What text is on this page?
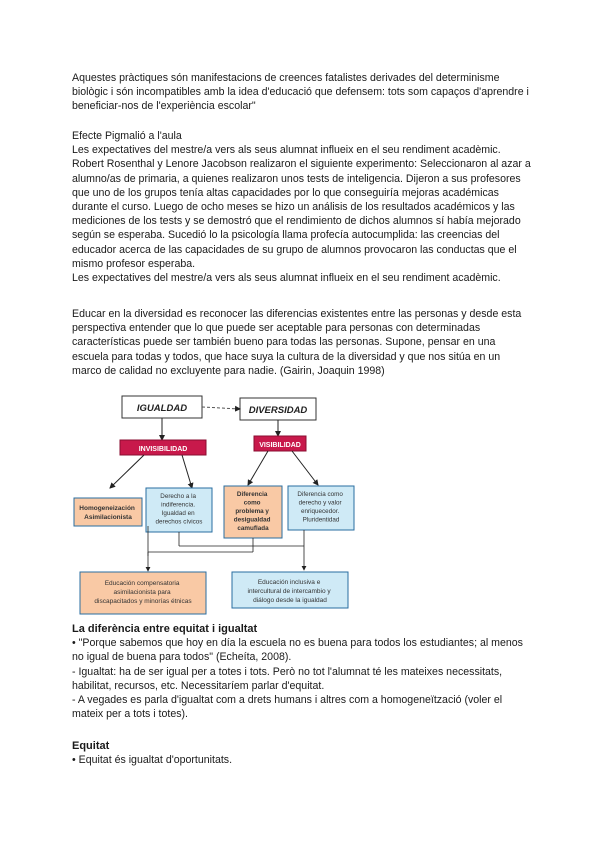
Aquestes pràctiques són manifestacions de creences fatalistes derivades del determinisme biològic i són incompatibles amb la idea d'educació que defensem: tots som capaços d'aprendre i beneficiar-nos de l'experiència escolar"

Efecte Pigmalió a l'aula

Les expectatives del mestre/a vers als seus alumnat influeix en el seu rendiment acadèmic.

Robert Rosenthal y Lenore Jacobson realizaron el siguiente experimento: Seleccionaron al azar a alumno/as de primaria, a quienes realizaron unos tests de inteligencia. Dijeron a sus profesores que uno de los grupos tenía altas capacidades por lo que conseguiría mejoras académicas durante el curso. Luego de ocho meses se hizo un análisis de los resultados académicos y las mediciones de los tests y se demostró que el rendimiento de dichos alumnos sí había mejorado según se esperaba. Sucedió lo la psicología llama profecía autocumplida: las creencias del educador acerca de las capacidades de su grupo de alumnos provocaron las conductas que el mismo profesor esperaba.

Les expectatives del mestre/a vers als seus alumnat influeix en el seu rendiment acadèmic.

Educar en la diversidad es reconocer las diferencias existentes entre las personas y desde esta perspectiva entender que lo que puede ser aceptable para personas con determinadas características puede ser también bueno para todas las personas. Supone, pensar en una escuela para todas y todos, que hace suya la cultura de la diversidad y que nos sitúa en un marco de calidad no excluyente para nadie. (Gairin, Joaquin 1998)

IGUALDAD	DIVERSIDAD
INVISIBILIDAD
VISIBILIDAD
Homogeneización Asimilacionista
Derecho a la indiferencia. Igualdad en derechos cívicos
Diferencia como problema y desigualdad camuflada
Diferencia como derecho y valor enriquecedor. Pluridentidad
Educación compensatoria asimilacionista para discapacitados y minorías étnicas
Educación inclusiva e intercultural de intercambio y diálogo desde la igualdad

La diferència entre equitat i igualtat

• "Porque sabemos que hoy en día la escuela no es buena para todos los estudiantes; al menos no igual de buena para todos" (Echeíta, 2008).

- Igualtat: ha de ser igual per a totes i tots. Però no tot l'alumnat té les mateixes necessitats, habilitat, recursos, etc. Necessitaríem parlar d'equitat.

- A vegades es parla d'igualtat com a drets humans i altres com a homogeneïtzació (voler el mateix per a tots i totes).

Equitat

• Equitat és igualtat d'oportunitats.
